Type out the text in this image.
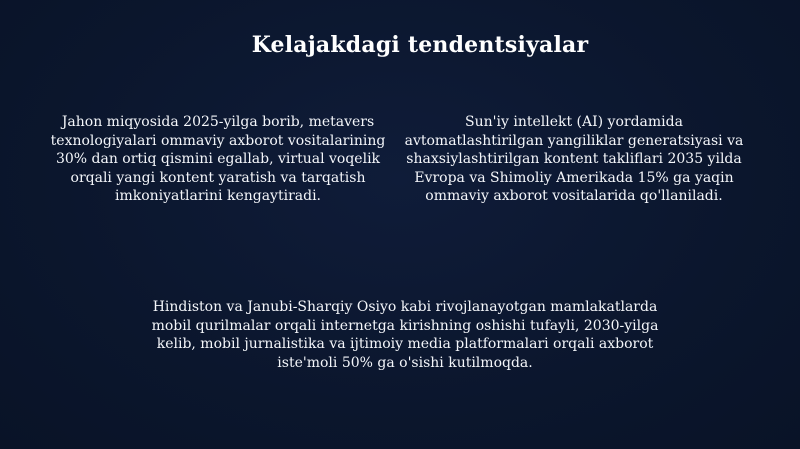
Kelajakdagi tendentsiyalar
Jahon miqyosida 2025-yilga borib, metavers texnologiyalari ommaviy axborot vositalarining 30% dan ortiq qismini egallab, virtual voqelik orqali yangi kontent yaratish va tarqatish imkoniyatlarini kengaytiradi.
Sun'iy intellekt (AI) yordamida avtomatlashtirilgan yangiliklar generatsiyasi va shaxsiylashtirilgan kontent takliflari 2035 yilda Evropa va Shimoliy Amerikada 15% ga yaqin ommaviy axborot vositalarida qo'llaniladi.
Hindiston va Janubi-Sharqiy Osiyo kabi rivojlanayotgan mamlakatlarda mobil qurilmalar orqali internetga kirishning oshishi tufayli, 2030-yilga kelib, mobil jurnalistika va ijtimoiy media platformalari orqali axborot iste'moli 50% ga o'sishi kutilmoqda.
